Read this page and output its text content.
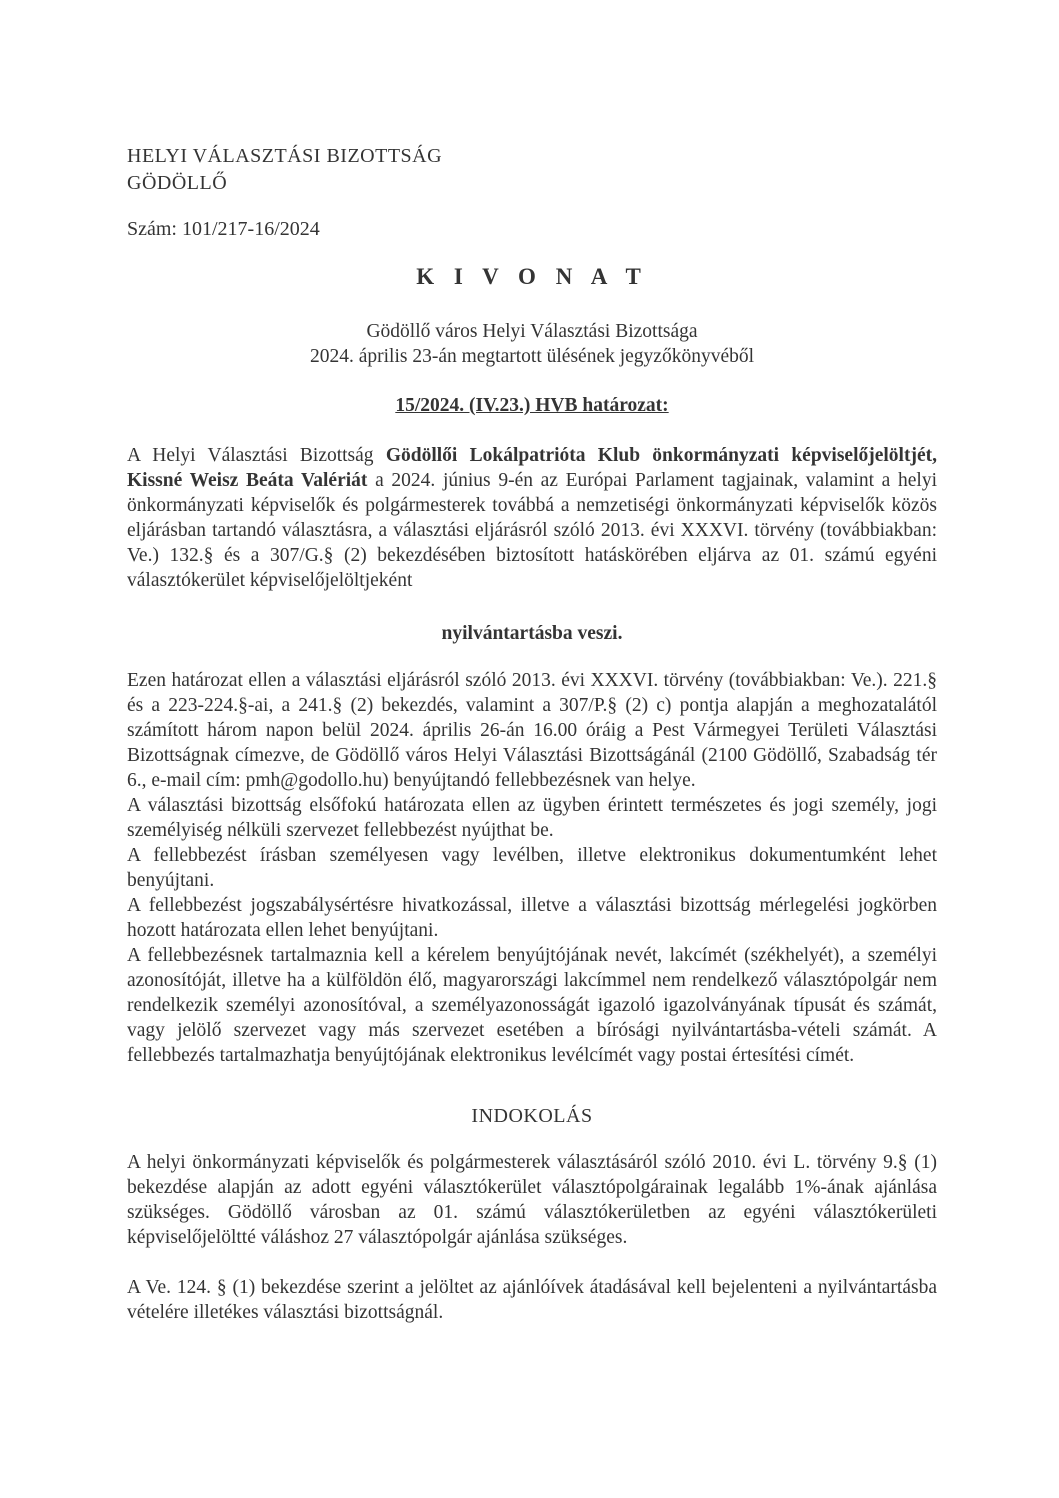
HELYI VÁLASZTÁSI BIZOTTSÁG
GÖDÖLLŐ
Szám: 101/217-16/2024
K I V O N A T
Gödöllő város Helyi Választási Bizottsága
2024. április 23-án megtartott ülésének jegyzőkönyvéből
15/2024. (IV.23.) HVB határozat:

A Helyi Választási Bizottság Gödöllői Lokálpatrióta Klub önkormányzati képviselőjelöltjét, Kissné Weisz Beáta Valériát a 2024. június 9-én az Európai Parlament tagjainak, valamint a helyi önkormányzati képviselők és polgármesterek továbbá a nemzetiségi önkormányzati képviselők közös eljárásban tartandó választásra, a választási eljárásról szóló 2013. évi XXXVI. törvény (továbbiakban: Ve.) 132.§ és a 307/G.§ (2) bekezdésében biztosított hatáskörében eljárva az 01. számú egyéni választókerület képviselőjelöltjeként

nyilvántartásba veszi.

Ezen határozat ellen a választási eljárásról szóló 2013. évi XXXVI. törvény (továbbiakban: Ve.). 221.§ és a 223-224.§-ai, a 241.§ (2) bekezdés, valamint a 307/P.§ (2) c) pontja alapján a meghozatalától számított három napon belül 2024. április 26-án 16.00 óráig a Pest Vármegyei Területi Választási Bizottságnak címezve, de Gödöllő város Helyi Választási Bizottságánál (2100 Gödöllő, Szabadság tér 6., e-mail cím: pmh@godollo.hu) benyújtandó fellebbezésnek van helye.

A választási bizottság elsőfokú határozata ellen az ügyben érintett természetes és jogi személy, jogi személyiség nélküli szervezet fellebbezést nyújthat be.

A fellebbezést írásban személyesen vagy levélben, illetve elektronikus dokumentumként lehet benyújtani.

A fellebbezést jogszabálysértésre hivatkozással, illetve a választási bizottság mérlegelési jogkörben hozott határozata ellen lehet benyújtani.

A fellebbezésnek tartalmaznia kell a kérelem benyújtójának nevét, lakcímét (székhelyét), a személyi azonosítóját, illetve ha a külföldön élő, magyarországi lakcímmel nem rendelkező választópolgár nem rendelkezik személyi azonosítóval, a személyazonosságát igazoló igazolványának típusát és számát, vagy jelölő szervezet vagy más szervezet esetében a bírósági nyilvántartásba-vételi számát. A fellebbezés tartalmazhatja benyújtójának elektronikus levélcímét vagy postai értesítési címét.

INDOKOLÁS

A helyi önkormányzati képviselők és polgármesterek választásáról szóló 2010. évi L. törvény 9.§ (1) bekezdése alapján az adott egyéni választókerület választópolgárainak legalább 1%-ának ajánlása szükséges. Gödöllő városban az 01. számú választókerületben az egyéni választókerületi képviselőjelöltté váláshoz 27 választópolgár ajánlása szükséges.

A Ve. 124. § (1) bekezdése szerint a jelöltet az ajánlóívek átadásával kell bejelenteni a nyilvántartásba vételére illetékes választási bizottságnál.
